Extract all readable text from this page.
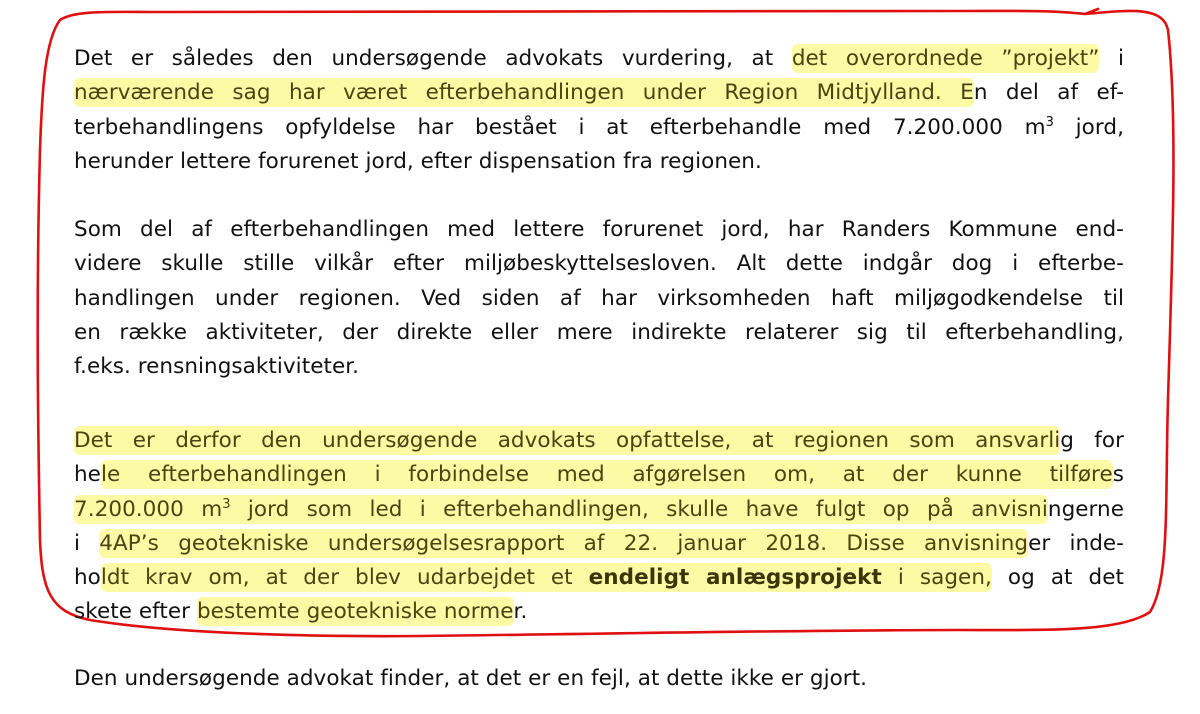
Det er således den undersøgende advokats vurdering, at det overordnede ”projekt” i
nærværende sag har været efterbehandlingen under Region Midtjylland. En del af ef-
terbehandlingens opfyldelse har bestået i at efterbehandle med 7.200.000 $m^3$ jord,
herunder lettere forurenet jord, efter dispensation fra regionen.
Som del af efterbehandlingen med lettere forurenet jord, har Randers Kommune end-
videre skulle stille vilkår efter miljøbeskyttelsesloven. Alt dette indgår dog i efterbe-
handlingen under regionen. Ved siden af har virksomheden haft miljøgodkendelse til
en række aktiviteter, der direkte eller mere indirekte relaterer sig til efterbehandling,
f.eks. rensningsaktiviteter.
Det er derfor den undersøgende advokats opfattelse, at regionen som ansvarlig for
hele efterbehandlingen i forbindelse med afgørelsen om, at der kunne tilføres
7.200.000 $m^3$ jord som led i efterbehandlingen, skulle have fulgt op på anvisningerne
i 4AP’s geotekniske undersøgelsesrapport af 22. januar 2018. Disse anvisninger inde-
holdt krav om, at der blev udarbejdet et endeligt anlægsprojekt i sagen, og at det
skete efter bestemte geotekniske normer.
Den undersøgende advokat finder, at det er en fejl, at dette ikke er gjort.
